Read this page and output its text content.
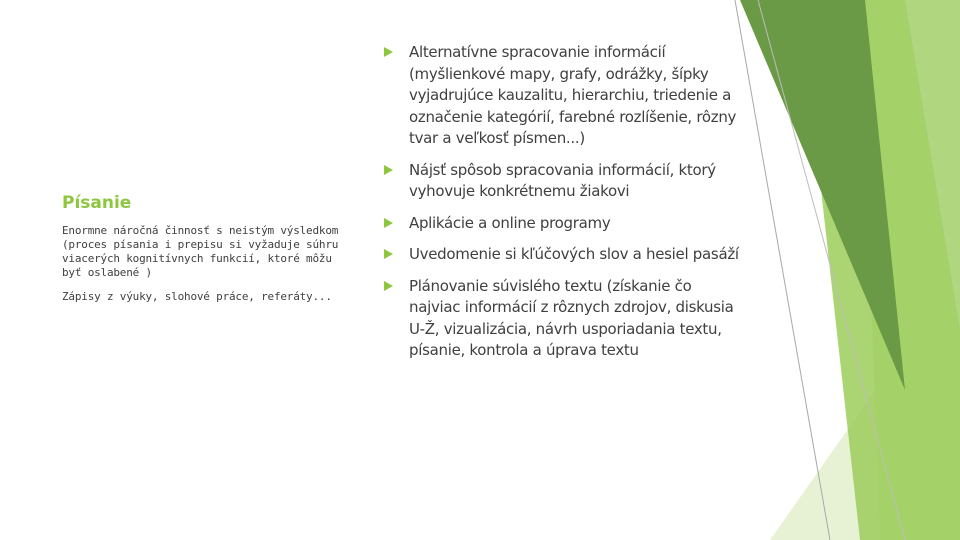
Písanie

Enormne náročná činnosť s neistým výsledkom (proces písania i prepisu si vyžaduje súhru viacerých kognitívnych funkcií, ktoré môžu byť oslabené )

Zápisy z výuky, slohové práce, referáty...

Alternatívne spracovanie informácií (myšlienkové mapy, grafy, odrážky, šípky vyjadrujúce kauzalitu, hierarchiu, triedenie a označenie kategórií, farebné rozlíšenie, rôzny tvar a veľkosť písmen...)
Nájsť spôsob spracovania informácií, ktorý vyhovuje konkrétnemu žiakovi
Aplikácie a online programy
Uvedomenie si kľúčových slov a hesiel pasáží
Plánovanie súvislého textu (získanie čo najviac informácií z rôznych zdrojov, diskusia U-Ž, vizualizácia, návrh usporiadania textu, písanie, kontrola a úprava textu
